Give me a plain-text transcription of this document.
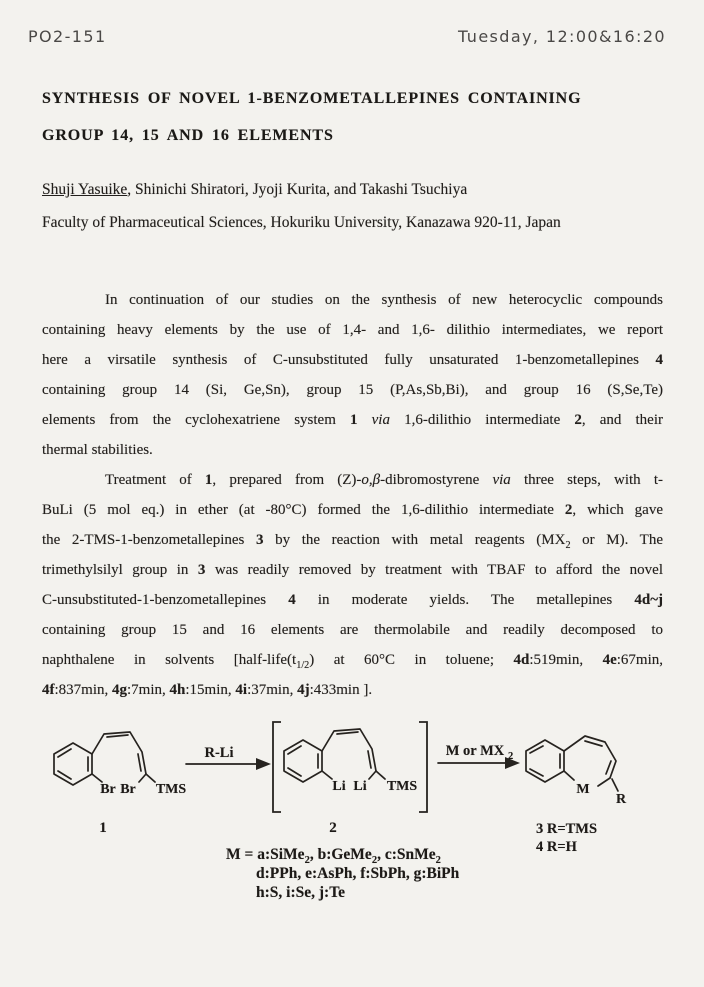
PO2-151	Tuesday, 12:00&16:20
SYNTHESIS OF NOVEL 1-BENZOMETALLEPINES CONTAINING
GROUP 14, 15 AND 16 ELEMENTS
Shuji Yasuike, Shinichi Shiratori, Jyoji Kurita, and Takashi Tsuchiya
Faculty of Pharmaceutical Sciences, Hokuriku University, Kanazawa 920-11, Japan
In continuation of our studies on the synthesis of new heterocyclic compounds
containing heavy elements by the use of 1,4- and 1,6- dilithio intermediates, we report
here a virsatile synthesis of C-unsubstituted fully unsaturated 1-benzometallepines 4
containing group 14 (Si, Ge,Sn), group 15 (P,As,Sb,Bi), and group 16 (S,Se,Te)
elements from the cyclohexatriene system 1 via 1,6-dilithio intermediate 2, and their
thermal stabilities.
Treatment of 1, prepared from (Z)-o,β-dibromostyrene via three steps, with t-
BuLi (5 mol eq.) in ether (at -80°C) formed the 1,6-dilithio intermediate 2, which gave
the 2-TMS-1-benzometallepines 3 by the reaction with metal reagents ($MX_2$ or M). The
trimethylsilyl group in 3 was readily removed by treatment with TBAF to afford the novel
C-unsubstituted-1-benzometallepines 4 in moderate yields. The metallepines 4d~j
containing group 15 and 16 elements are thermolabile and readily decomposed to
naphthalene in solvents [$half-life(t_{1/2})$ at 60°C in toluene; 4d:519min, 4e:67min,
4f:837min, 4g:7min, 4h:15min, 4i:37min, 4j:433min ].
Br Br TMS
1
R-Li
Li Li TMS
2
M or MX 2
M
R
3 R=TMS
4 R=H
M = a:SiMe$_2$, b:GeMe$_2$, c:SnMe$_2$
d:PPh, e:AsPh, f:SbPh, g:BiPh
h:S, i:Se, j:Te
